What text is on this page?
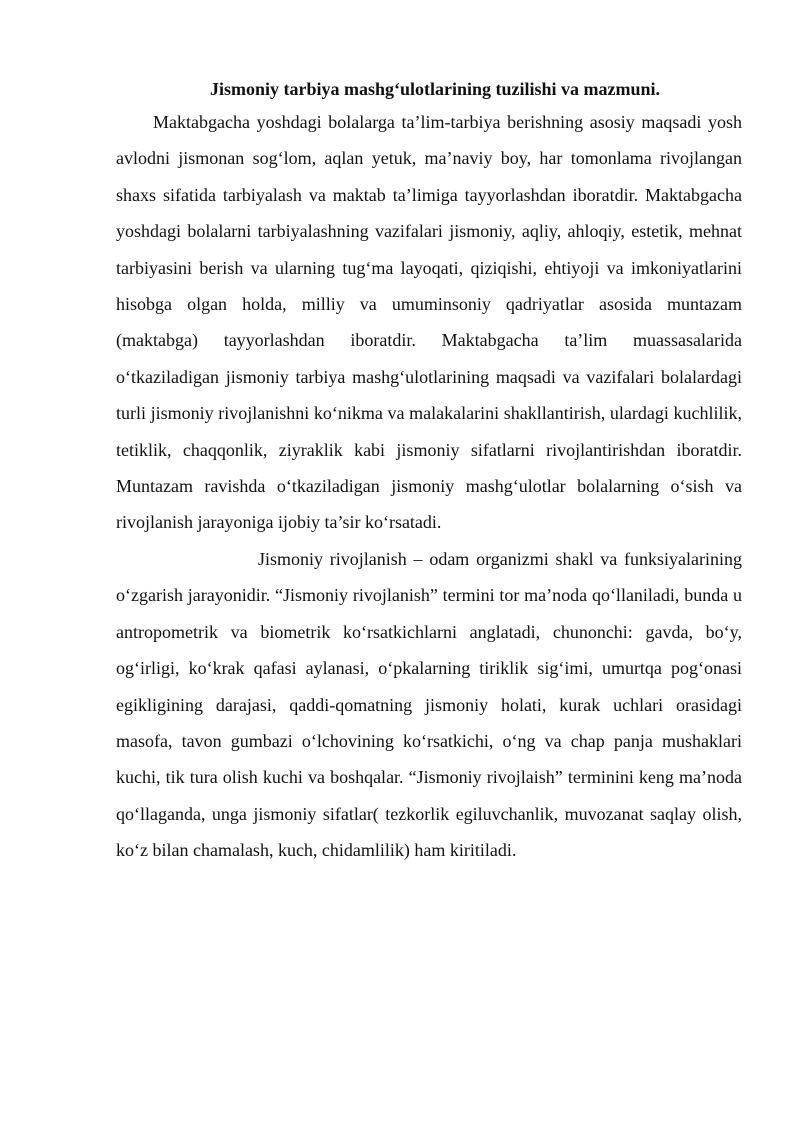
Jismoniy tarbiya mashg‘ulotlarining tuzilishi va mazmuni.

Maktabgacha yoshdagi bolalarga ta’lim-tarbiya berishning asosiy maqsadi yosh avlodni jismonan sog‘lom, aqlan yetuk, ma’naviy boy, har tomonlama rivojlangan shaxs sifatida tarbiyalash va maktab ta’limiga tayyorlashdan iboratdir. Maktabgacha yoshdagi bolalarni tarbiyalashning vazifalari jismoniy, aqliy, ahloqiy, estetik, mehnat tarbiyasini berish va ularning tug‘ma layoqati, qiziqishi, ehtiyoji va imkoniyatlarini hisobga olgan holda, milliy va umuminsoniy qadriyatlar asosida muntazam (maktabga) tayyorlashdan iboratdir. Maktabgacha ta’lim muassasalarida o‘tkaziladigan jismoniy tarbiya mashg‘ulotlarining maqsadi va vazifalari bolalardagi turli jismoniy rivojlanishni ko‘nikma va malakalarini shakllantirish, ulardagi kuchlilik, tetiklik, chaqqonlik, ziyraklik kabi jismoniy sifatlarni rivojlantirishdan iboratdir. Muntazam ravishda o‘tkaziladigan jismoniy mashg‘ulotlar bolalarning o‘sish va rivojlanish jarayoniga ijobiy ta’sir ko‘rsatadi.

Jismoniy rivojlanish – odam organizmi shakl va funksiyalarining o‘zgarish jarayonidir. “Jismoniy rivojlanish” termini tor ma’noda qo‘llaniladi, bunda u antropometrik va biometrik ko‘rsatkichlarni anglatadi, chunonchi: gavda, bo‘y, og‘irligi, ko‘krak qafasi aylanasi, o‘pkalarning tiriklik sig‘imi, umurtqa pog‘onasi egikligining darajasi, qaddi-qomatning jismoniy holati, kurak uchlari orasidagi masofa, tavon gumbazi o‘lchovining ko‘rsatkichi, o‘ng va chap panja mushaklari kuchi, tik tura olish kuchi va boshqalar. “Jismoniy rivojlaish” terminini keng ma’noda qo‘llaganda, unga jismoniy sifatlar( tezkorlik egiluvchanlik, muvozanat saqlay olish, ko‘z bilan chamalash, kuch, chidamlilik) ham kiritiladi.
